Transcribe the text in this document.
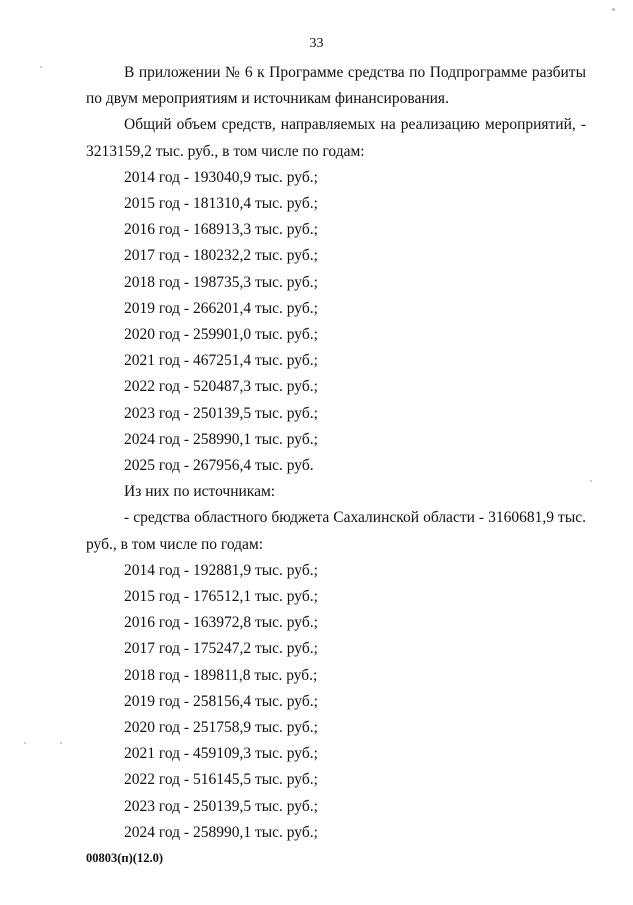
33

В приложении № 6 к Программе средства по Подпрограмме разбиты по двум мероприятиям и источникам финансирования.

Общий объем средств, направляемых на реализацию мероприятий, - 3213159,2 тыс. руб., в том числе по годам:

2014 год - 193040,9 тыс. руб.;

2015 год - 181310,4 тыс. руб.;

2016 год - 168913,3 тыс. руб.;

2017 год - 180232,2 тыс. руб.;

2018 год - 198735,3 тыс. руб.;

2019 год - 266201,4 тыс. руб.;

2020 год - 259901,0 тыс. руб.;

2021 год - 467251,4 тыс. руб.;

2022 год - 520487,3 тыс. руб.;

2023 год - 250139,5 тыс. руб.;

2024 год - 258990,1 тыс. руб.;

2025 год - 267956,4 тыс. руб.

Из них по источникам:

- средства областного бюджета Сахалинской области - 3160681,9 тыс. руб., в том числе по годам:

2014 год - 192881,9 тыс. руб.;

2015 год - 176512,1 тыс. руб.;

2016 год - 163972,8 тыс. руб.;

2017 год - 175247,2 тыс. руб.;

2018 год - 189811,8 тыс. руб.;

2019 год - 258156,4 тыс. руб.;

2020 год - 251758,9 тыс. руб.;

2021 год - 459109,3 тыс. руб.;

2022 год - 516145,5 тыс. руб.;

2023 год - 250139,5 тыс. руб.;

2024 год - 258990,1 тыс. руб.;

00803(п)(12.0)
